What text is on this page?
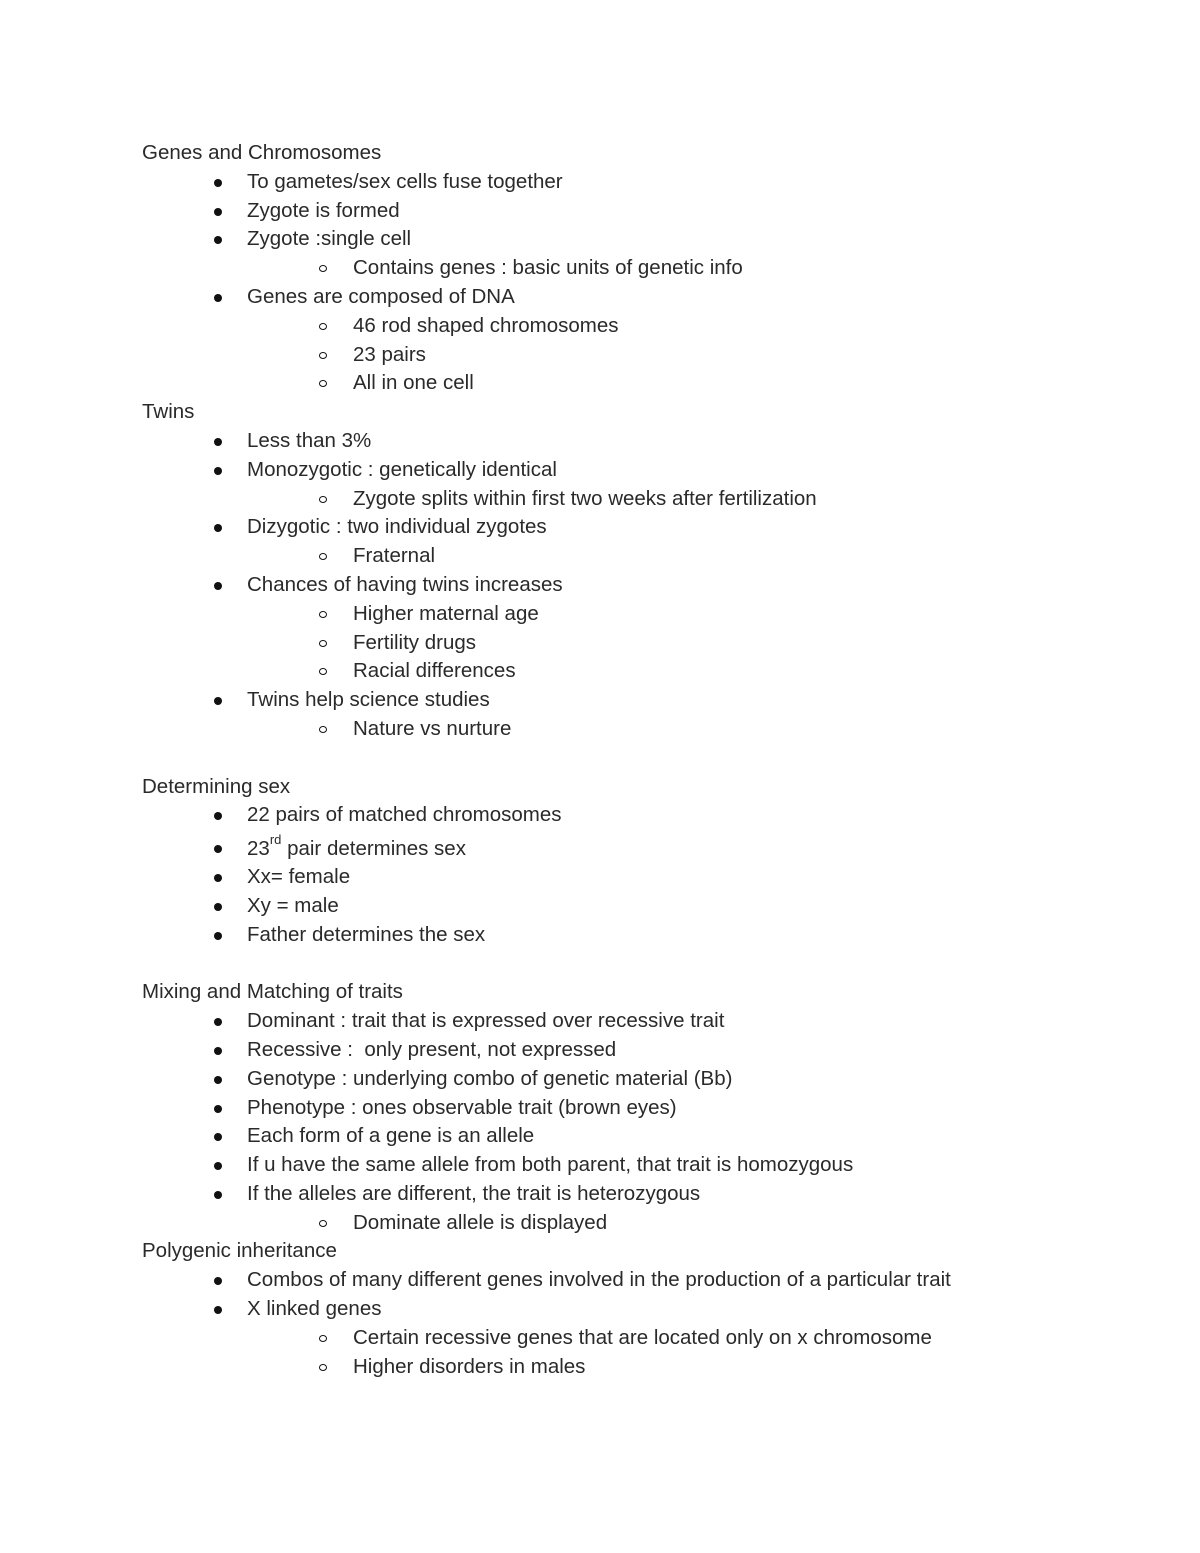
Genes and Chromosomes
To gametes/sex cells fuse together
Zygote is formed
Zygote :single cell
Contains genes : basic units of genetic info
Genes are composed of DNA
46 rod shaped chromosomes
23 pairs
All in one cell
Twins
Less than 3%
Monozygotic : genetically identical
Zygote splits within first two weeks after fertilization
Dizygotic : two individual zygotes
Fraternal
Chances of having twins increases
Higher maternal age
Fertility drugs
Racial differences
Twins help science studies
Nature vs nurture
Determining sex
22 pairs of matched chromosomes
23rd pair determines sex
Xx= female
Xy = male
Father determines the sex
Mixing and Matching of traits
Dominant : trait that is expressed over recessive trait
Recessive :  only present, not expressed
Genotype : underlying combo of genetic material (Bb)
Phenotype : ones observable trait (brown eyes)
Each form of a gene is an allele
If u have the same allele from both parent, that trait is homozygous
If the alleles are different, the trait is heterozygous
Dominate allele is displayed
Polygenic inheritance
Combos of many different genes involved in the production of a particular trait
X linked genes
Certain recessive genes that are located only on x chromosome
Higher disorders in males
